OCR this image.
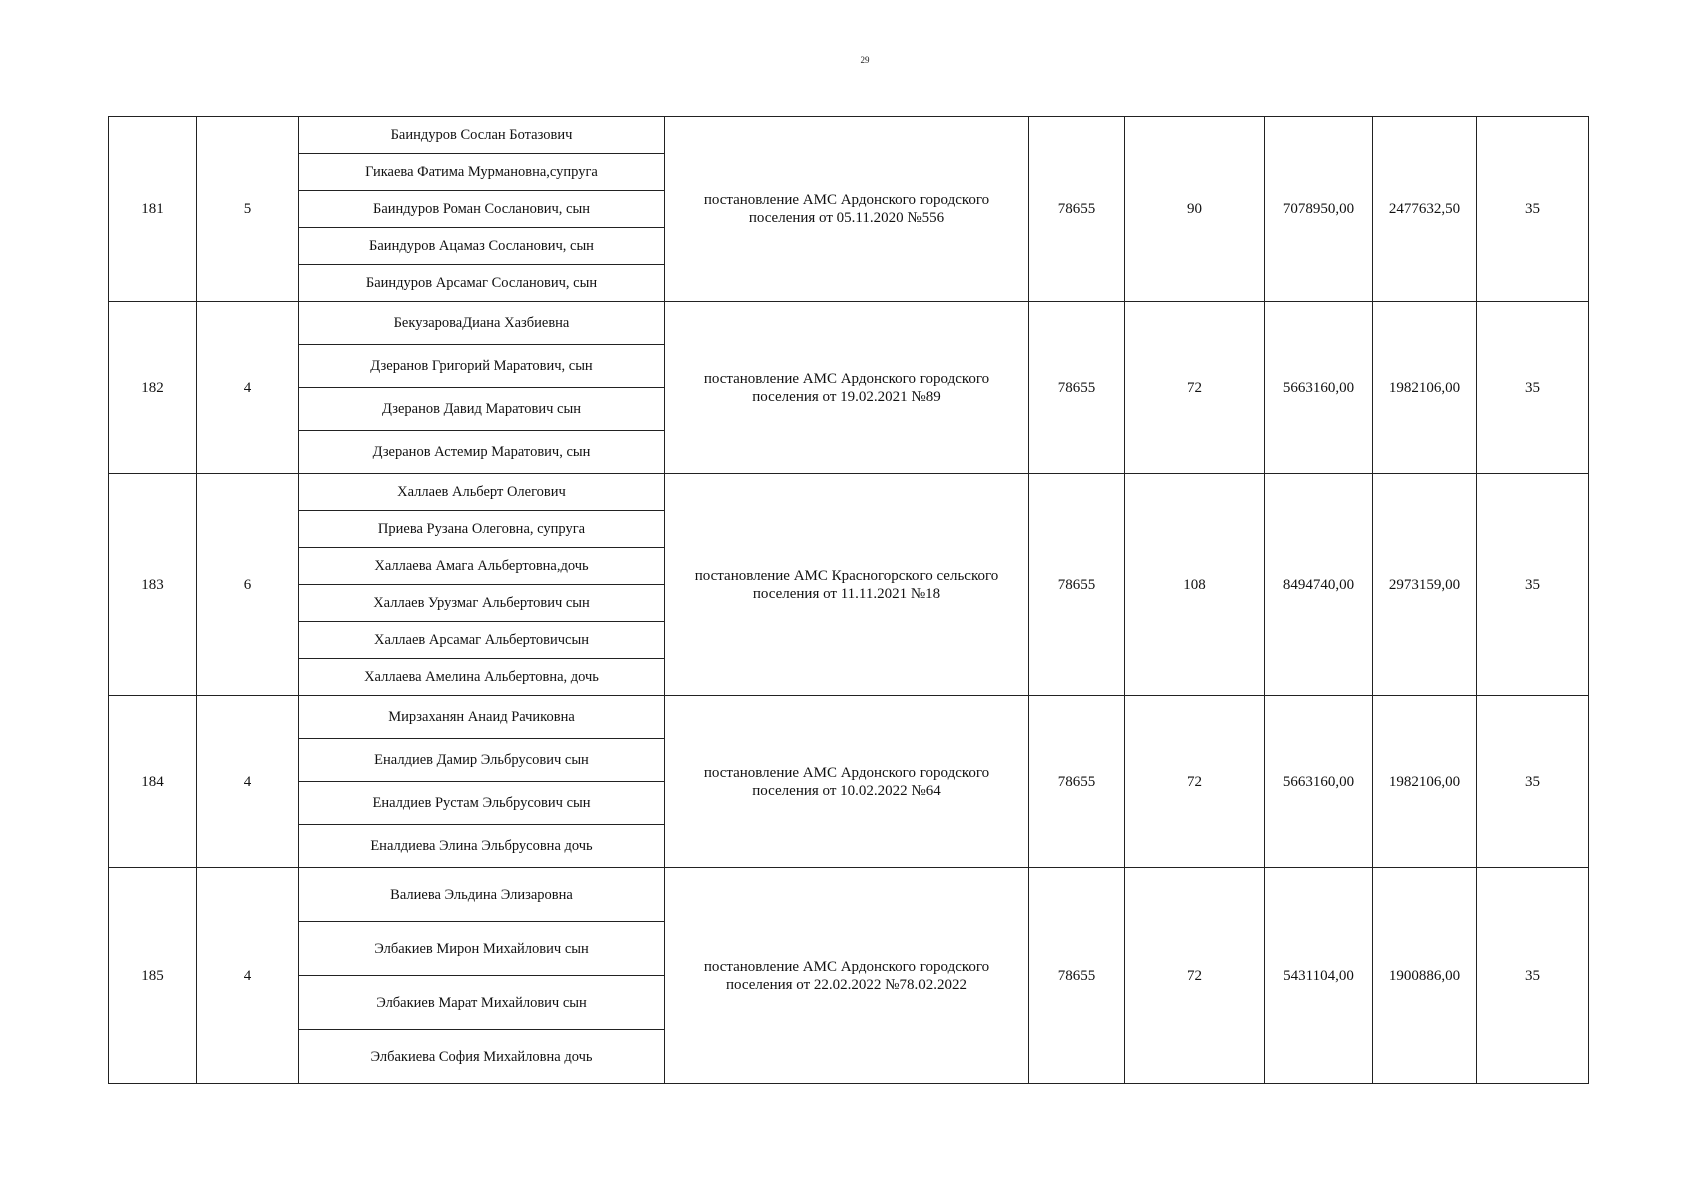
29
181	5	Баиндуров Сослан Ботазович	постановление АМС Ардонского городского поселения от 05.11.2020 №556	78655	90	7078950,00	2477632,50	35
		Гикаева Фатима Мурмановна,супруга						
		Баиндуров Роман Сосланович, сын						
		Баиндуров Ацамаз Сосланович, сын						
		Баиндуров Арсамаг Сосланович, сын						
182	4	БекузароваДиана Хазбиевна	постановление АМС Ардонского городского поселения от 19.02.2021 №89	78655	72	5663160,00	1982106,00	35
		Дзеранов Григорий Маратович, сын						
		Дзеранов Давид Маратович сын						
		Дзеранов Астемир Маратович, сын						
183	6	Халлаев Альберт Олегович	постановление АМС Красногорского сельского поселения от 11.11.2021 №18	78655	108	8494740,00	2973159,00	35
		Приева Рузана Олеговна, супруга						
		Халлаева Амага Альбертовна,дочь						
		Халлаев Урузмаг Альбертович сын						
		Халлаев Арсамаг Альбертовичсын						
		Халлаева Амелина Альбертовна, дочь						
184	4	Мирзаханян Анаид Рачиковна	постановление АМС Ардонского городского поселения от 10.02.2022 №64	78655	72	5663160,00	1982106,00	35
		Еналдиев Дамир Эльбрусович сын						
		Еналдиев Рустам Эльбрусович сын						
		Еналдиева Элина Эльбрусовна дочь						
185	4	Валиева Эльдина Элизаровна	постановление АМС Ардонского городского поселения от 22.02.2022 №78.02.2022	78655	72	5431104,00	1900886,00	35
		Элбакиев Мирон Михайлович сын						
		Элбакиев Марат Михайлович сын						
		Элбакиева София Михайловна дочь						
